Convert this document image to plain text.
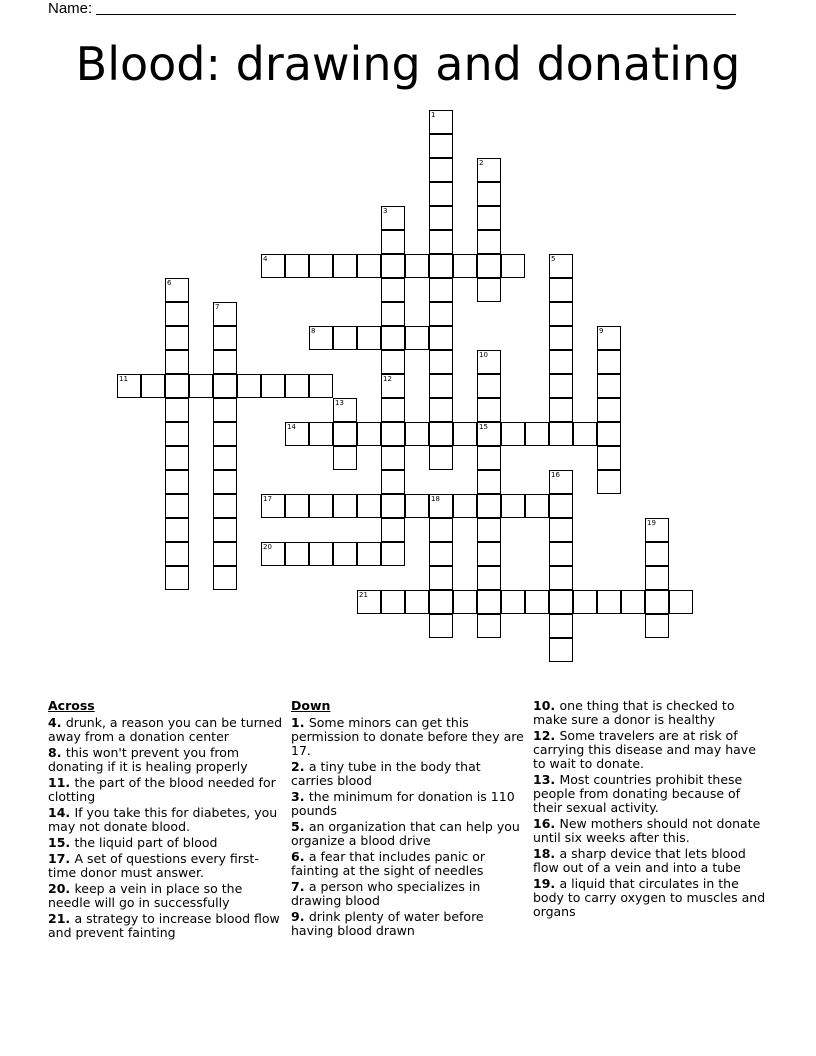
Name:
Blood: drawing and donating
1
2
3
12
4	5
6
7
8	9
10
15
11
13
14
16
17	18
19
20
21
Across
4. drunk, a reason you can be turned away from a donation center
8. this won't prevent you from donating if it is healing properly
11. the part of the blood needed for clotting
14. If you take this for diabetes, you may not donate blood.
15. the liquid part of blood
17. A set of questions every first-time donor must answer.
20. keep a vein in place so the needle will go in successfully
21. a strategy to increase blood flow and prevent fainting
Down
1. Some minors can get this permission to donate before they are 17.
2. a tiny tube in the body that carries blood
3. the minimum for donation is 110 pounds
5. an organization that can help you organize a blood drive
6. a fear that includes panic or fainting at the sight of needles
7. a person who specializes in drawing blood
9. drink plenty of water before having blood drawn
10. one thing that is checked to make sure a donor is healthy
12. Some travelers are at risk of carrying this disease and may have to wait to donate.
13. Most countries prohibit these people from donating because of their sexual activity.
16. New mothers should not donate until six weeks after this.
18. a sharp device that lets blood flow out of a vein and into a tube
19. a liquid that circulates in the body to carry oxygen to muscles and organs
